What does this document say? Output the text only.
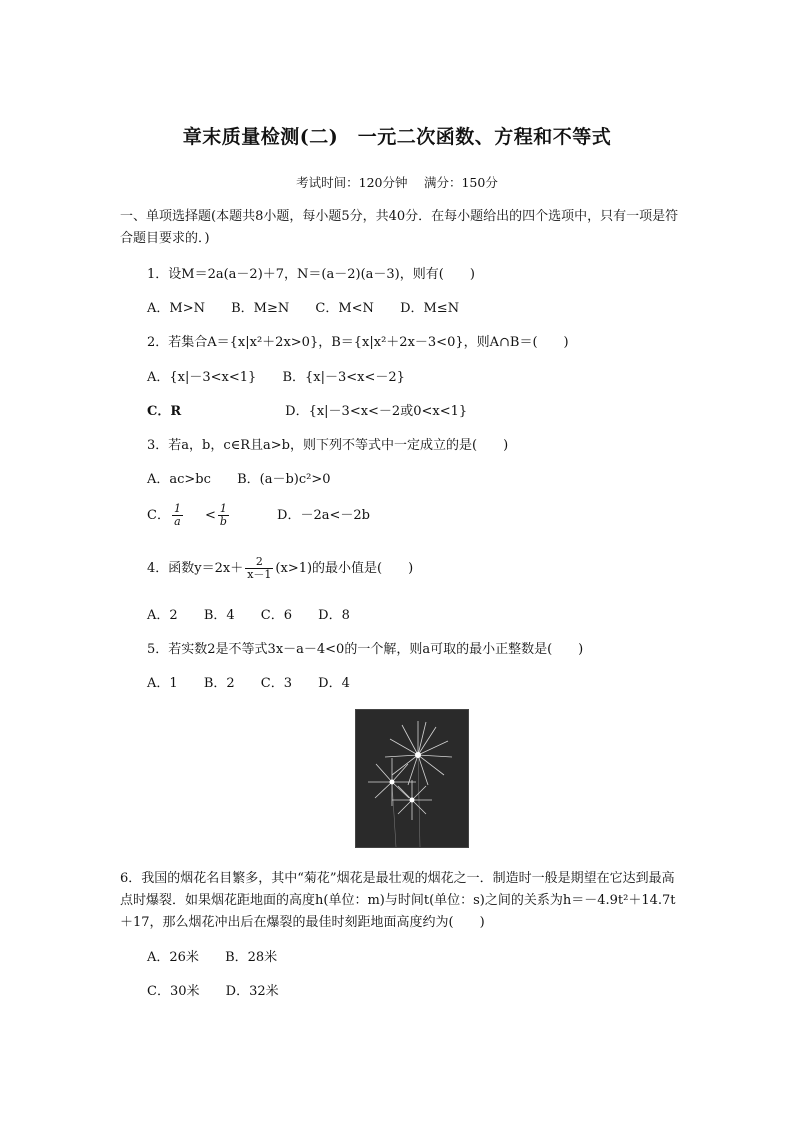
章末质量检测(二)　一元二次函数、方程和不等式
考试时间：120分钟　 满分：150分
一、单项选择题(本题共8小题，每小题5分，共40分．在每小题给出的四个选项中，只有一项是符合题目要求的．)
1．设M＝2a(a－2)＋7，N＝(a－2)(a－3)，则有(　　)
A．M>N B．M≥N C．M<N D．M≤N
2．若集合A＝{x|x²＋2x>0}，B＝{x|x²＋2x－3<0}，则A∩B＝(　　)
A．{x|－3<x<1} B．{x|－3<x<－2}
C．R	D．{x|－3<x<－2或0<x<1}
3．若a，b，c∈R且a>b，则下列不等式中一定成立的是(　　)
A．ac>bc B．(a－b)c²>0
C． $\frac{1}{a} < \frac{1}{b}$ D．－2a<－2b
4．函数$y=2x+ \frac{2}{x-1} (x>1)$的最小值是(　　)
A．2 B．4 C．6 D．8
5．若实数2是不等式3x－a－4<0的一个解，则a可取的最小正整数是(　　)
A．1 B．2 C．3 D．4
6．我国的烟花名目繁多，其中“菊花”烟花是最壮观的烟花之一．制造时一般是期望在它达到最高点时爆裂．如果烟花距地面的高度h(单位：m)与时间t(单位：s)之间的关系为h＝－4.9t²＋14.7t＋17，那么烟花冲出后在爆裂的最佳时刻距地面高度约为(　　)
A．26米 B．28米
C．30米 D．32米
